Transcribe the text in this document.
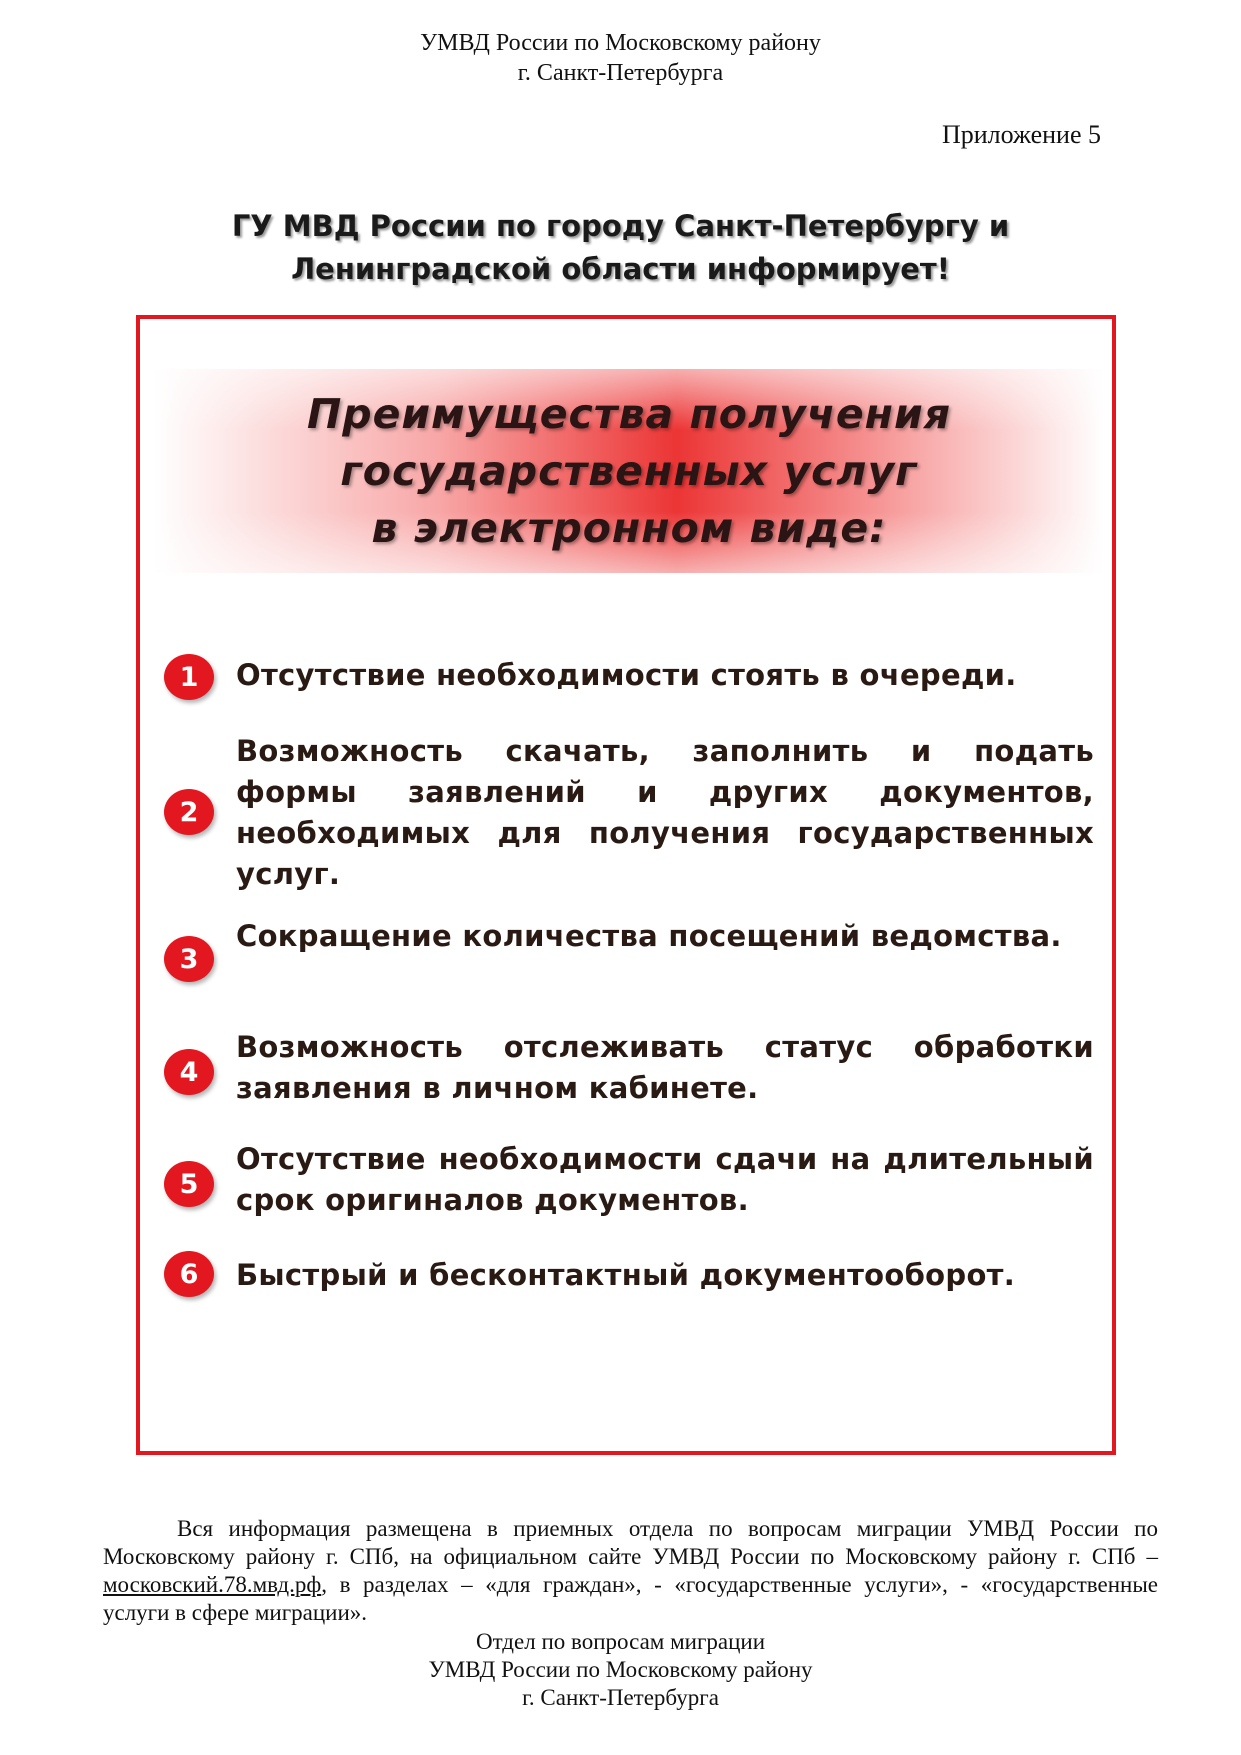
УМВД России по Московскому району
г. Санкт-Петербурга
Приложение 5
ГУ МВД России по городу Санкт-Петербургу и
Ленинградской области информирует!
Преимущества получения
государственных услуг
в электронном виде:
1	Отсутствие необходимости стоять в очереди.
2
Возможность скачать, заполнить и подать формы заявлений и других документов, необходимых для получения государственных услуг.
3
Сокращение количества посещений ведомства.
4
Возможность отслеживать статус обработки заявления в личном кабинете.
5
Отсутствие необходимости сдачи на длительный срок оригиналов документов.
6	Быстрый и бесконтактный документооборот.
Вся информация размещена в приемных отдела по вопросам миграции УМВД России по Московскому району г. СПб, на официальном сайте УМВД России по Московскому району г. СПб – московский.78.мвд.рф, в разделах – «для граждан», - «государственные услуги», - «государственные услуги в сфере миграции».
Отдел по вопросам миграции
УМВД России по Московскому району
г. Санкт-Петербурга
